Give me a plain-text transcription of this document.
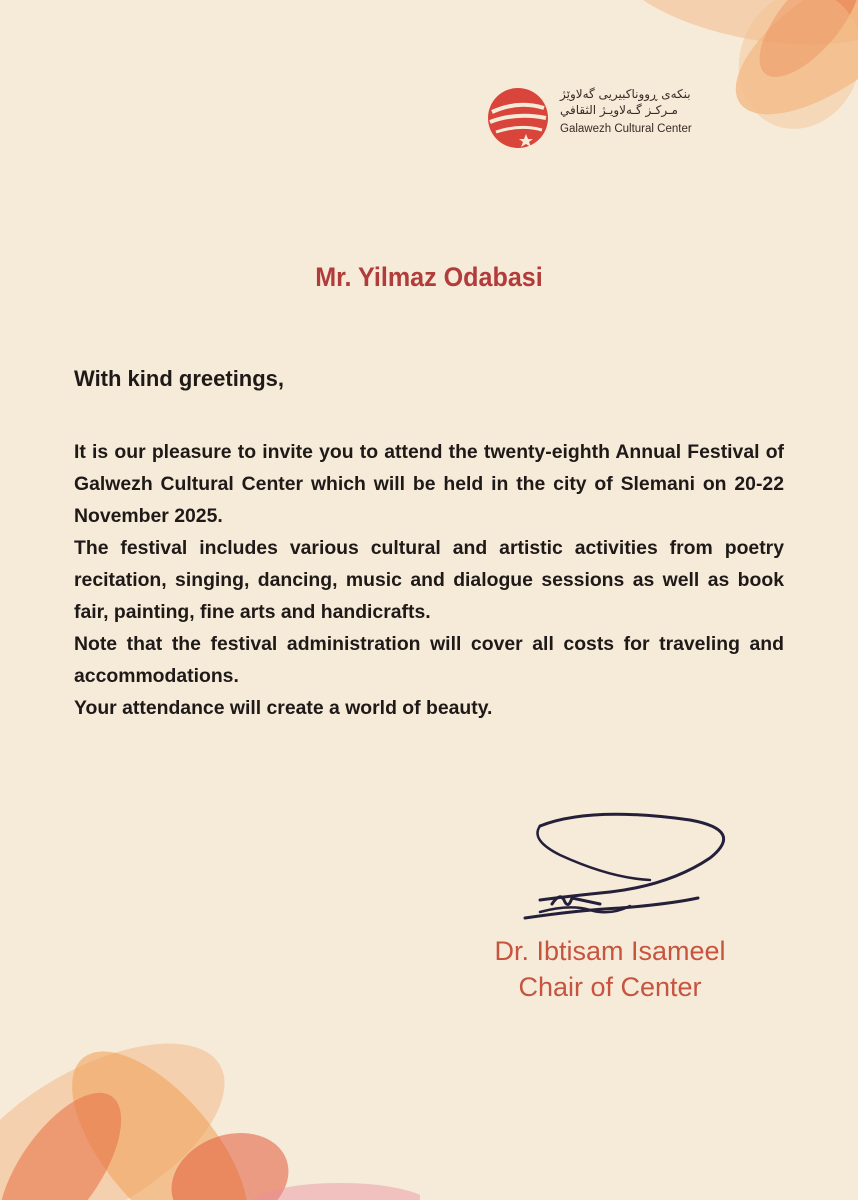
بنكەی ڕووناكبیریی گەلاوێژ
مـركـز گـەلاويـژ الثقافي
Galawezh Cultural Center
Mr. Yilmaz Odabasi
With kind greetings,

It is our pleasure to invite you to attend the twenty-eighth Annual Festival of Galwezh Cultural Center which will be held in the city of Slemani on 20-22 November 2025.

The festival includes various cultural and artistic activities from poetry recitation, singing, dancing, music and dialogue sessions as well as book fair, painting, fine arts and handicrafts.

Note that the festival administration will cover all costs for traveling and accommodations.

Your attendance will create a world of beauty.

Dr. Ibtisam Isameel
Chair of Center
